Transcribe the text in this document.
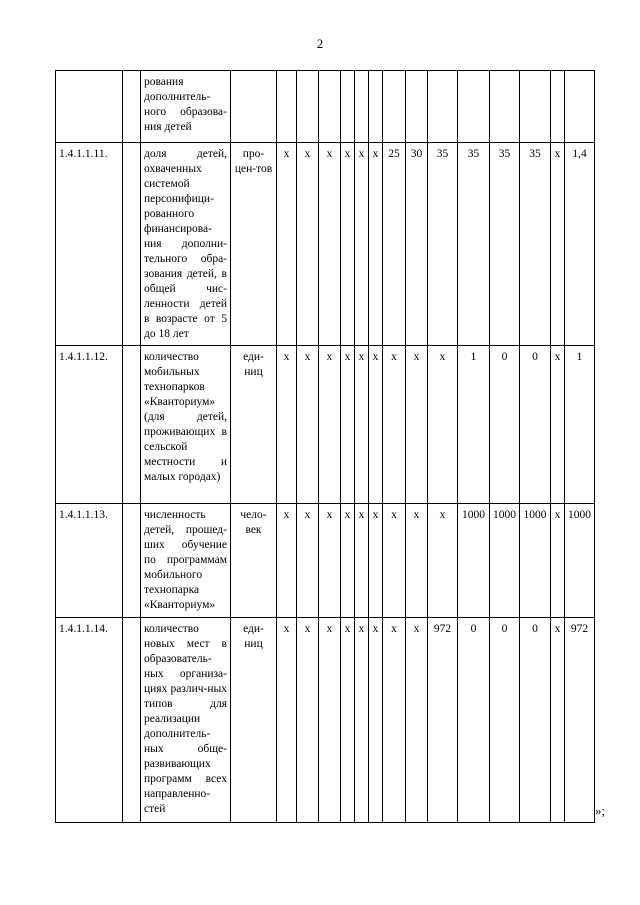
2
		рования дополнитель-ного образова-ния детей															
1.4.1.1.11.		доля детей, охваченных системой персонифици-рованного финансирова-ния дополни-тельного обра-зования детей, в общей чис-ленности детей в возрасте от 5 до 18 лет	про-цен-тов	х	х	х	х	х	х	25	30	35	35	35	35	х	1,4
1.4.1.1.12.		количество мобильных технопарков «Кванториум» (для детей, проживающих в сельской местности и малых городах)	еди-ниц	х	х	х	х	х	х	х	х	х	1	0	0	х	1
1.4.1.1.13.		численность детей, прошед-ших обучение по программам мобильного технопарка «Кванториум»	чело-век	х	х	х	х	х	х	х	х	х	1000	1000	1000	х	1000
1.4.1.1.14.		количество новых мест в образователь-ных организа-циях различ-ных типов для реализации дополнитель-ных обще-развивающих программ всех направленно-стей	еди-ниц	х	х	х	х	х	х	х	х	972	0	0	0	х	972
»;
